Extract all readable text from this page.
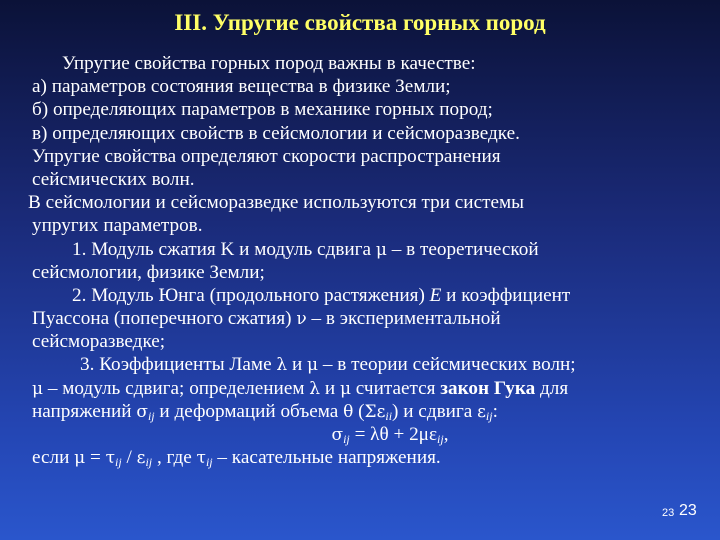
III. Упругие свойства горных пород
Упругие свойства горных пород важны в качестве:
а) параметров состояния вещества в физике Земли;
б) определяющих параметров в механике горных пород;
в) определяющих свойств в сейсмологии и сейсморазведке.
Упругие свойства определяют скорости распространения
сейсмических волн.
В сейсмологии и сейсморазведке используются три системы
упругих параметров.
1. Модуль сжатия K и модуль сдвига μ – в теоретической
сейсмологии, физике Земли;
2. Модуль Юнга (продольного растяжения) E и коэффициент
Пуассона (поперечного сжатия) ν – в экспериментальной
сейсморазведке;
3. Коэффициенты Ламе λ и μ – в теории сейсмических волн;
μ – модуль сдвига; определением λ и μ считается закон Гука для
напряжений $\sigma_{ij}$ и деформаций объема θ $(\Sigma\varepsilon_{ii})$ и сдвига $\varepsilon_{ij}$:
$\sigma_{ij} = \lambda\theta + 2\mu\varepsilon_{ij}$,
если $\mu = \tau_{ij} / \varepsilon_{ij}$ , где $\tau_{ij}$ – касательные напряжения.
23 23
